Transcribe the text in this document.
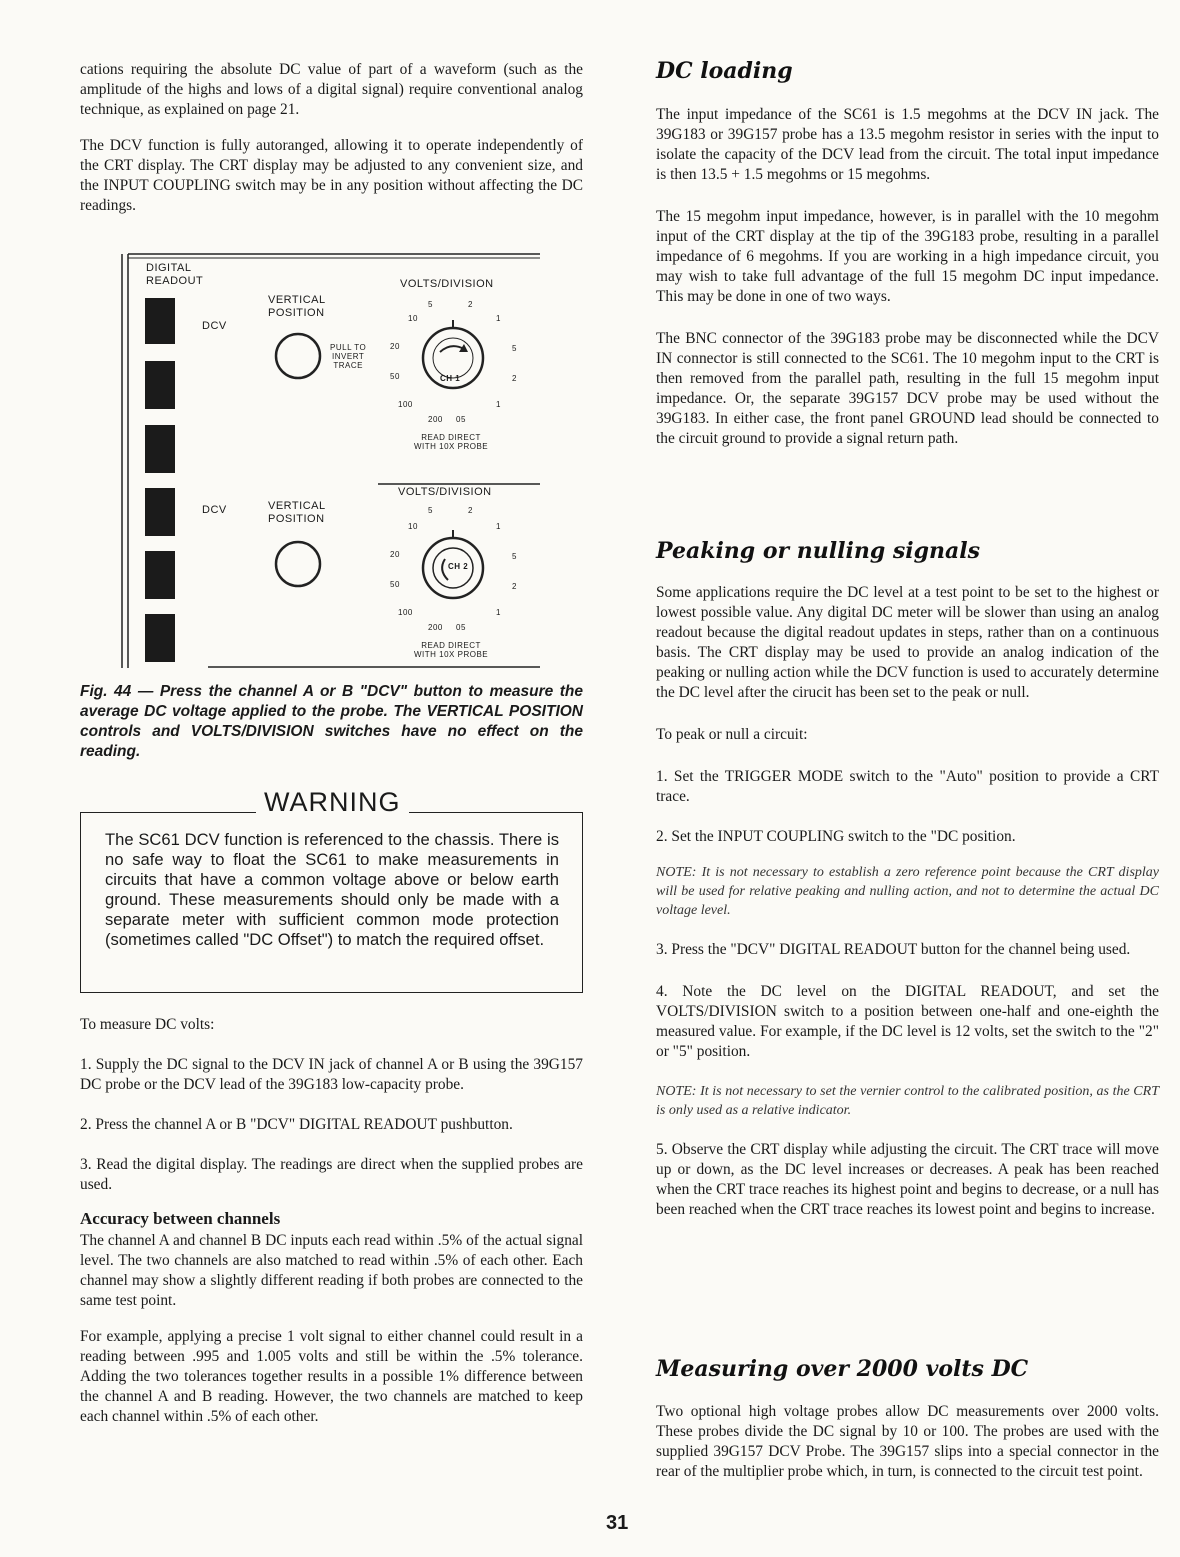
cations requiring the absolute DC value of part of a waveform (such as the amplitude of the highs and lows of a digital signal) require conventional analog technique, as explained on page 21.

The DCV function is fully autoranged, allowing it to operate independently of the CRT display. The CRT display may be adjusted to any convenient size, and the INPUT COUPLING switch may be in any position without affecting the DC readings.

DIGITAL
READOUT
DCV
DCV
VERTICAL
POSITION
VERTICAL
POSITION
PULL TO
INVERT
TRACE
VOLTS/DIVISION
VOLTS/DIVISION
5	2
10	1
20	5
50	2
100	1
200 05
CH 1
READ DIRECT
WITH 10X PROBE
5	2
10	1
20	5
50	2
100	1
200 05
CH 2
READ DIRECT
WITH 10X PROBE
Fig. 44 — Press the channel A or B "DCV" button to measure the average DC voltage applied to the probe. The VERTICAL POSITION controls and VOLTS/DIVISION switches have no effect on the reading.
WARNING
The SC61 DCV function is referenced to the chassis. There is no safe way to float the SC61 to make measurements in circuits that have a common voltage above or below earth ground. These measurements should only be made with a separate meter with sufficient common mode protection (sometimes called "DC Offset") to match the required offset.

To measure DC volts:

1. Supply the DC signal to the DCV IN jack of channel A or B using the 39G157 DC probe or the DCV lead of the 39G183 low-capacity probe.

2. Press the channel A or B "DCV" DIGITAL READOUT pushbutton.

3. Read the digital display. The readings are direct when the supplied probes are used.

Accuracy between channels

The channel A and channel B DC inputs each read within .5% of the actual signal level. The two channels are also matched to read within .5% of each other. Each channel may show a slightly different reading if both probes are connected to the same test point.

For example, applying a precise 1 volt signal to either channel could result in a reading between .995 and 1.005 volts and still be within the .5% tolerance. Adding the two tolerances together results in a possible 1% difference between the channel A and B reading. However, the two channels are matched to keep each channel within .5% of each other.

DC loading

The input impedance of the SC61 is 1.5 megohms at the DCV IN jack. The 39G183 or 39G157 probe has a 13.5 megohm resistor in series with the input to isolate the capacity of the DCV lead from the circuit. The total input impedance is then 13.5 + 1.5 megohms or 15 megohms.

The 15 megohm input impedance, however, is in parallel with the 10 megohm input of the CRT display at the tip of the 39G183 probe, resulting in a parallel impedance of 6 megohms. If you are working in a high impedance circuit, you may wish to take full advantage of the full 15 megohm DC input impedance. This may be done in one of two ways.

The BNC connector of the 39G183 probe may be disconnected while the DCV IN connector is still connected to the SC61. The 10 megohm input to the CRT is then removed from the parallel path, resulting in the full 15 megohm input impedance. Or, the separate 39G157 DCV probe may be used without the 39G183. In either case, the front panel GROUND lead should be connected to the circuit ground to provide a signal return path.

Peaking or nulling signals

Some applications require the DC level at a test point to be set to the highest or lowest possible value. Any digital DC meter will be slower than using an analog readout because the digital readout updates in steps, rather than on a continuous basis. The CRT display may be used to provide an analog indication of the peaking or nulling action while the DCV function is used to accurately determine the DC level after the cirucit has been set to the peak or null.

To peak or null a circuit:

1. Set the TRIGGER MODE switch to the "Auto" position to provide a CRT trace.

2. Set the INPUT COUPLING switch to the "DC position.

NOTE: It is not necessary to establish a zero reference point because the CRT display will be used for relative peaking and nulling action, and not to determine the actual DC voltage level.

3. Press the "DCV" DIGITAL READOUT button for the channel being used.

4. Note the DC level on the DIGITAL READOUT, and set the VOLTS/DIVISION switch to a position between one-half and one-eighth the measured value. For example, if the DC level is 12 volts, set the switch to the "2" or "5" position.

NOTE: It is not necessary to set the vernier control to the calibrated position, as the CRT is only used as a relative indicator.

5. Observe the CRT display while adjusting the circuit. The CRT trace will move up or down, as the DC level increases or decreases. A peak has been reached when the CRT trace reaches its highest point and begins to decrease, or a null has been reached when the CRT trace reaches its lowest point and begins to increase.

Measuring over 2000 volts DC

Two optional high voltage probes allow DC measurements over 2000 volts. These probes divide the DC signal by 10 or 100. The probes are used with the supplied 39G157 DCV Probe. The 39G157 slips into a special connector in the rear of the multiplier probe which, in turn, is connected to the circuit test point.

31
